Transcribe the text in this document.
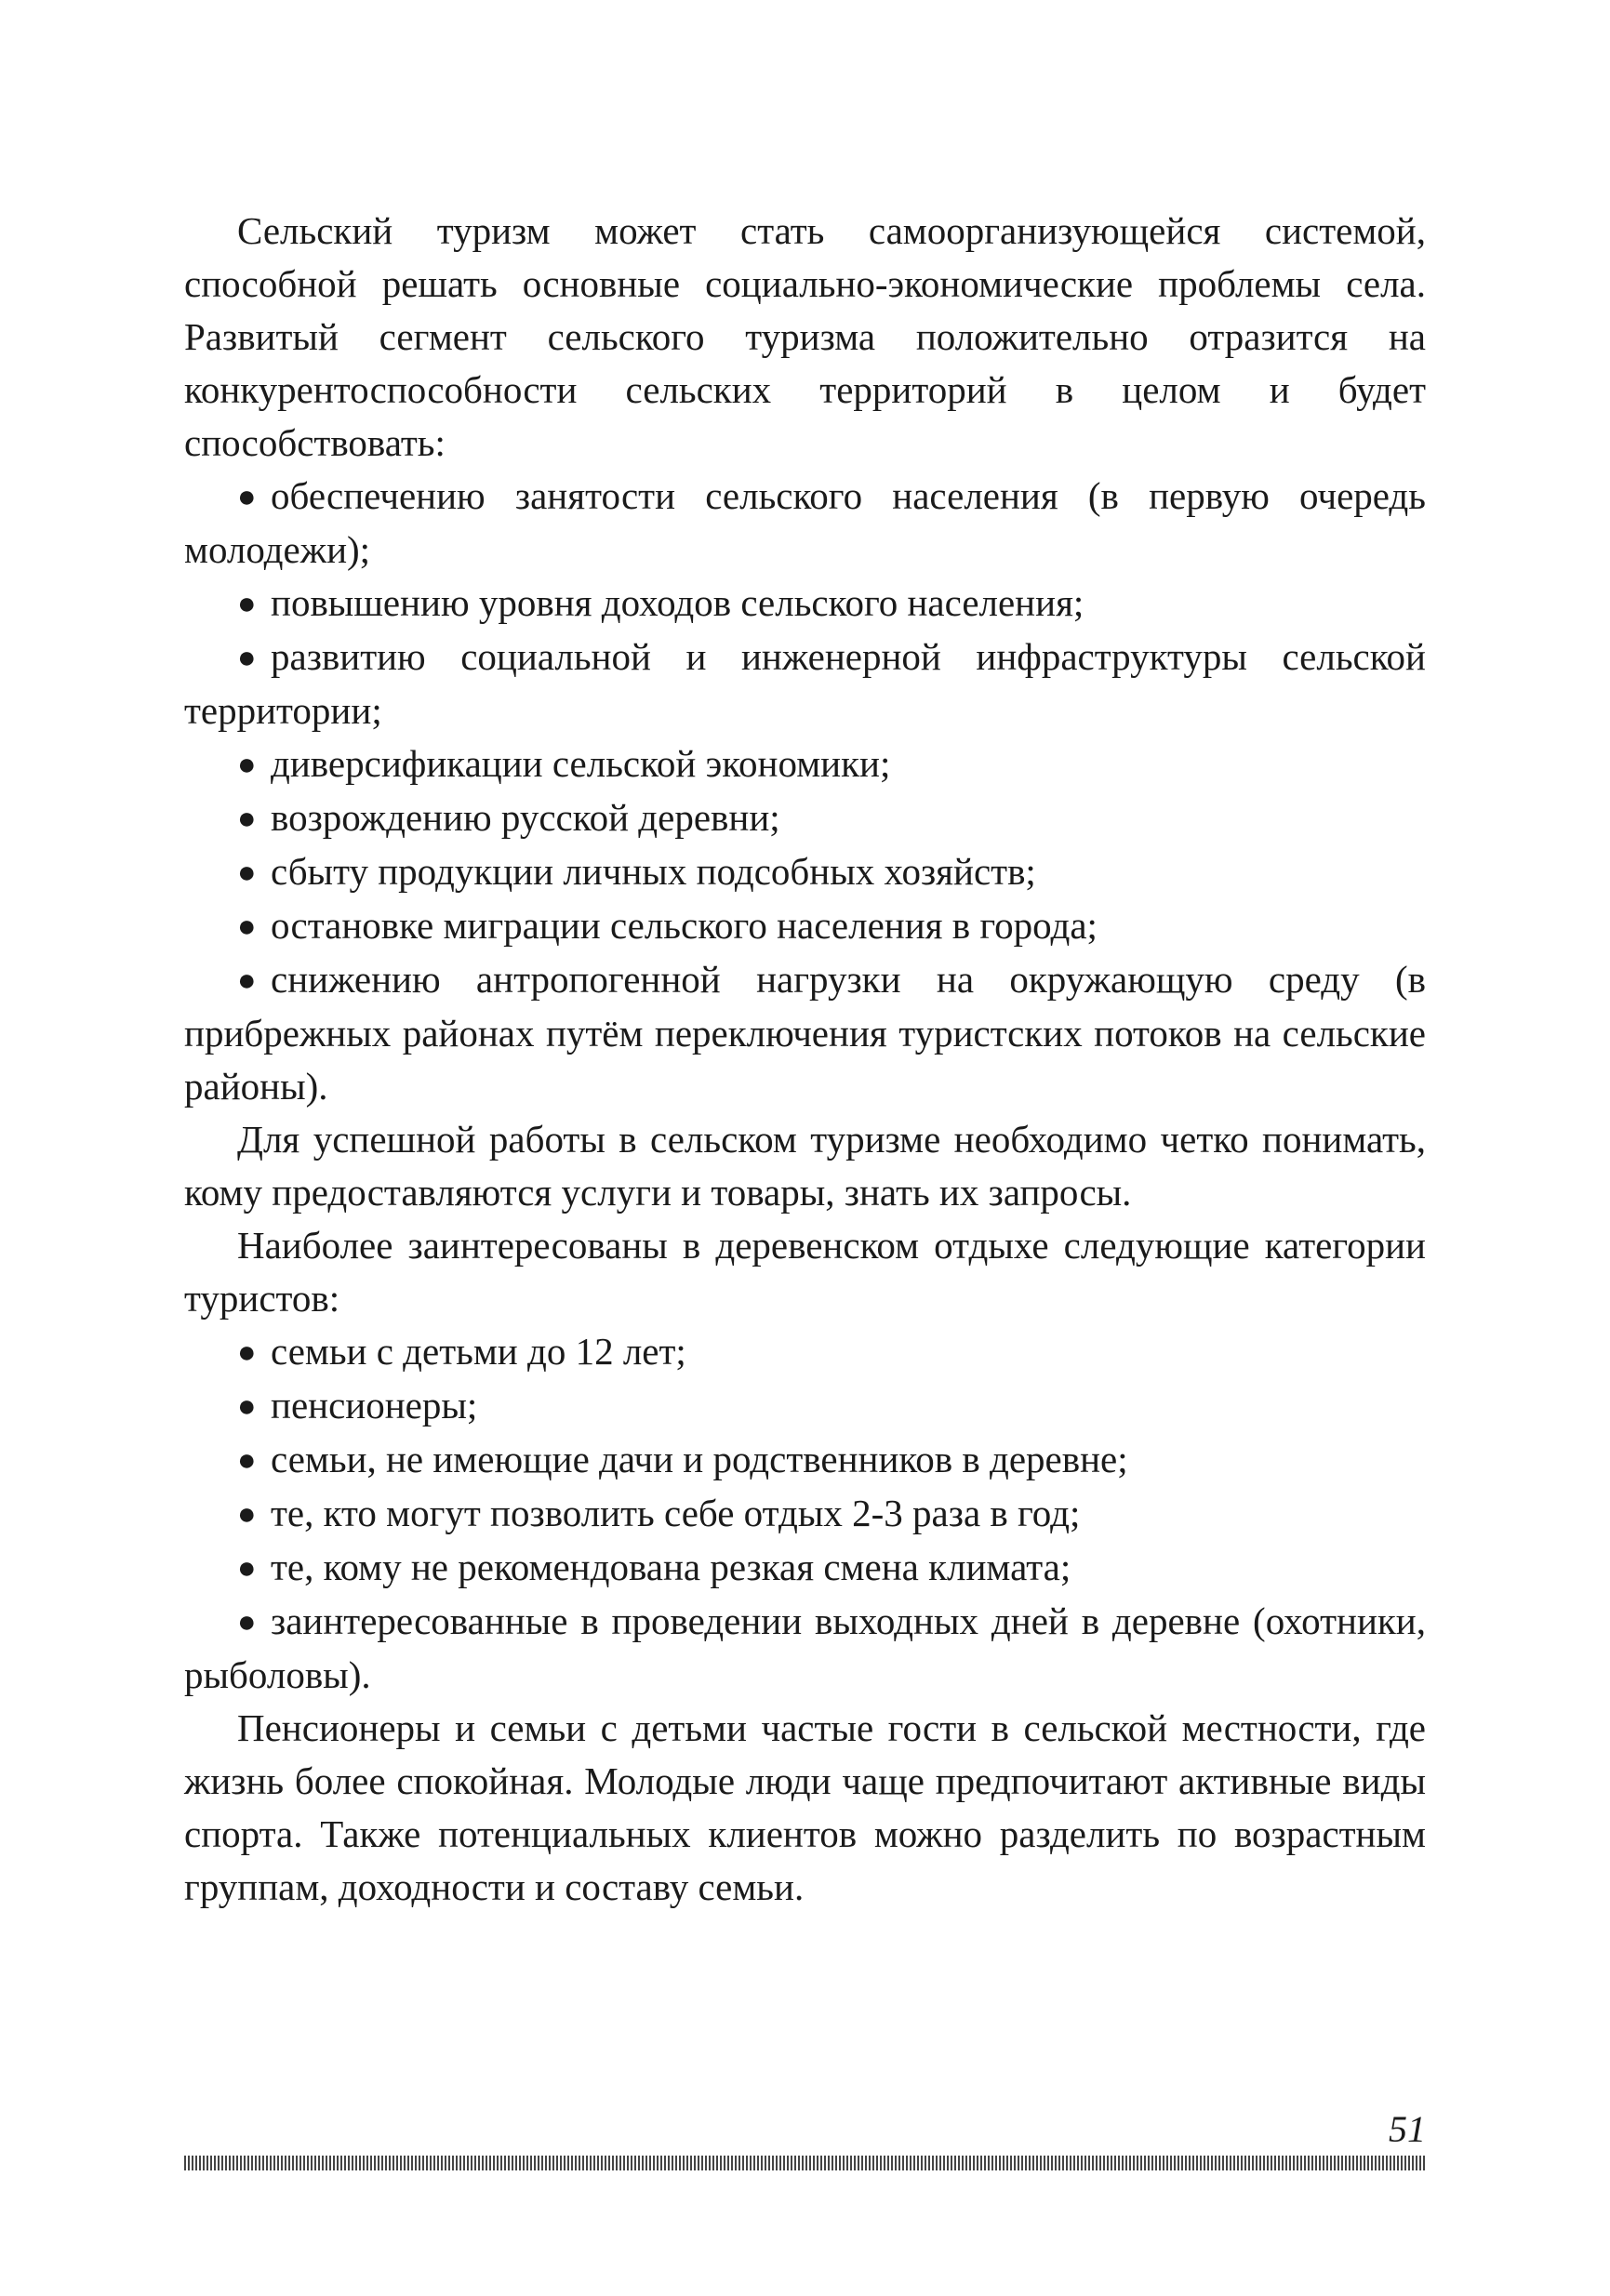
Сельский туризм может стать самоорганизующейся системой, способной решать основные социально-экономические проблемы села. Развитый сегмент сельского туризма положительно отразится на конкурентоспособности сельских территорий в целом и будет способствовать:

● обеспечению занятости сельского населения (в первую очередь молодежи);

● повышению уровня доходов сельского населения;

● развитию социальной и инженерной инфраструктуры сельской территории;

● диверсификации сельской экономики;

● возрождению русской деревни;

● сбыту продукции личных подсобных хозяйств;

● остановке миграции сельского населения в города;

● снижению антропогенной нагрузки на окружающую среду (в прибрежных районах путём переключения туристских потоков на сельские районы).

Для успешной работы в сельском туризме необходимо четко понимать, кому предоставляются услуги и товары, знать их запросы.

Наиболее заинтересованы в деревенском отдыхе следующие категории туристов:

● семьи с детьми до 12 лет;

● пенсионеры;

● семьи, не имеющие дачи и родственников в деревне;

● те, кто могут позволить себе отдых 2-3 раза в год;

● те, кому не рекомендована резкая смена климата;

● заинтересованные в проведении выходных дней в деревне (охотники, рыболовы).

Пенсионеры и семьи с детьми частые гости в сельской местности, где жизнь более спокойная. Молодые люди чаще предпочитают активные виды спорта. Также потенциальных клиентов можно разделить по возрастным группам, доходности и составу семьи.

51
